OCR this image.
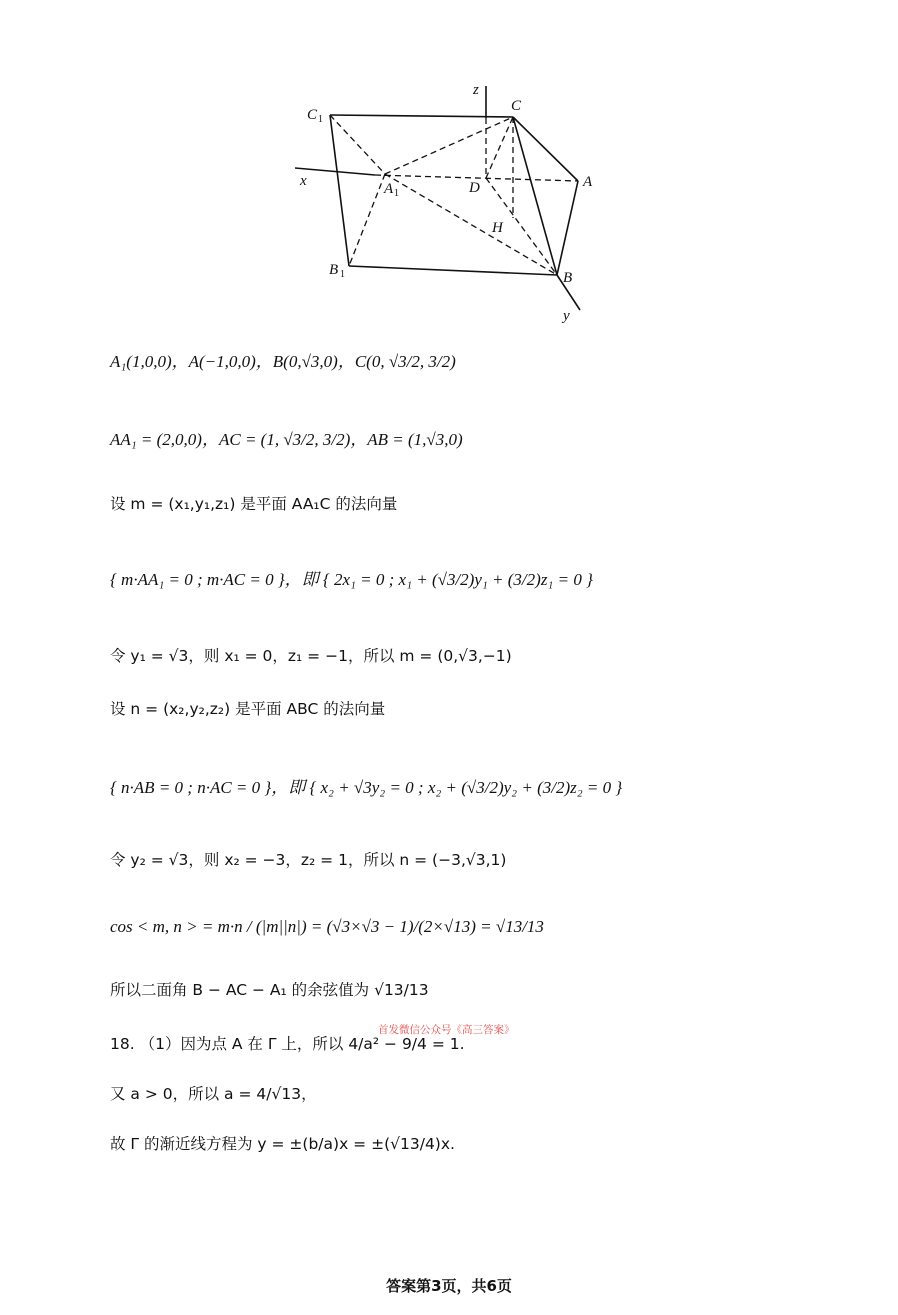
C 1
x	A 1
z
C
D	A
H
B 1	B
y
A₁(1,0,0)，A(−1,0,0)，B(0,√3,0)，C(0, √3/2, 3/2)
AA₁ = (2,0,0)，AC = (1, √3/2, 3/2)，AB = (1,√3,0)
设 m = (x₁,y₁,z₁) 是平面 AA₁C 的法向量
{ m·AA₁ = 0 ; m·AC = 0 }，即 { 2x₁ = 0 ; x₁ + (√3/2)y₁ + (3/2)z₁ = 0 }
令 y₁ = √3，则 x₁ = 0，z₁ = −1，所以 m = (0,√3,−1)
设 n = (x₂,y₂,z₂) 是平面 ABC 的法向量
{ n·AB = 0 ; n·AC = 0 }，即 { x₂ + √3y₂ = 0 ; x₂ + (√3/2)y₂ + (3/2)z₂ = 0 }
令 y₂ = √3，则 x₂ = −3，z₂ = 1，所以 n = (−3,√3,1)
cos < m, n > = m·n / (|m||n|) = (√3×√3 − 1)/(2×√13) = √13/13
所以二面角 B − AC − A₁ 的余弦值为 √13/13
18. （1）因为点 A 在 Γ 上，所以 4/a² − 9/4 = 1.
又 a > 0，所以 a = 4/√13，
故 Γ 的渐近线方程为 y = ±(b/a)x = ±(√13/4)x.
首发微信公众号《高三答案》
答案第3页，共6页
